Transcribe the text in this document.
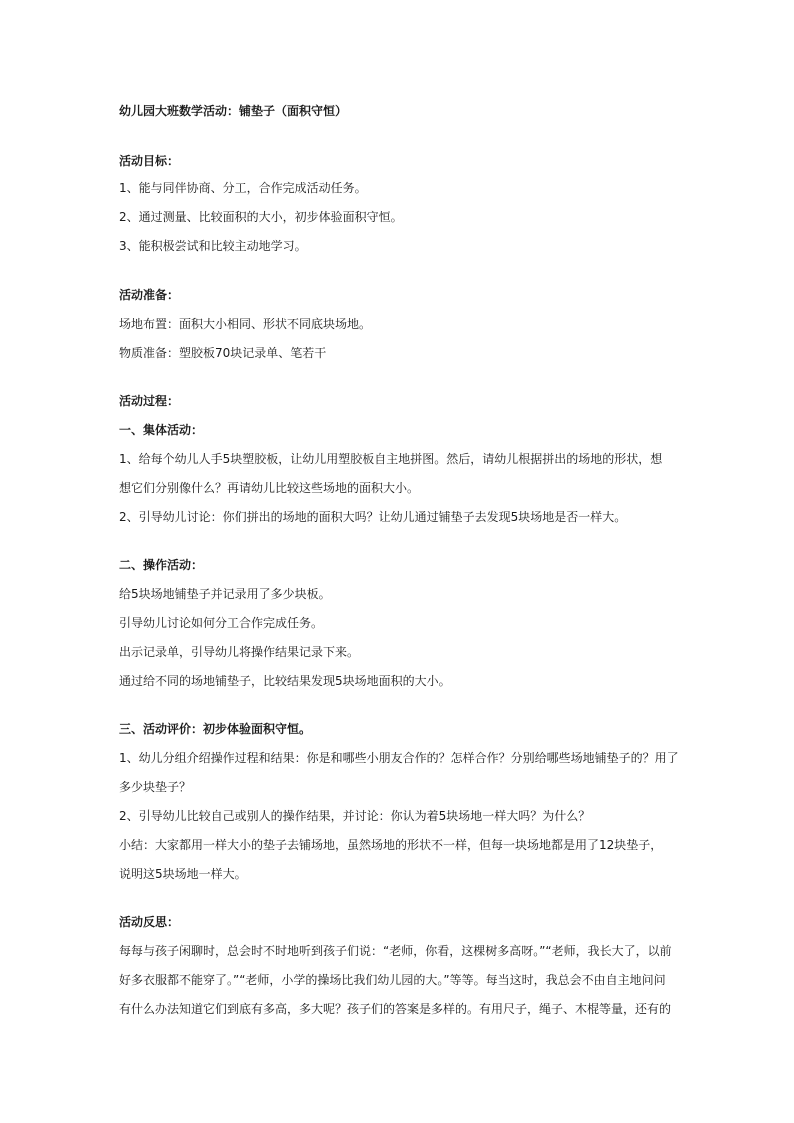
幼儿园大班数学活动：铺垫子（面积守恒）
活动目标：
1、能与同伴协商、分工，合作完成活动任务。
2、通过测量、比较面积的大小，初步体验面积守恒。
3、能积极尝试和比较主动地学习。
活动准备：
场地布置：面积大小相同、形状不同底块场地。
物质准备：塑胶板70块记录单、笔若干
活动过程：
一、集体活动：
1、给每个幼儿人手5块塑胶板，让幼儿用塑胶板自主地拼图。然后，请幼儿根据拼出的场地的形状，想
想它们分别像什么？再请幼儿比较这些场地的面积大小。
2、引导幼儿讨论：你们拼出的场地的面积大吗？让幼儿通过铺垫子去发现5块场地是否一样大。
二、操作活动：
给5块场地铺垫子并记录用了多少块板。
引导幼儿讨论如何分工合作完成任务。
出示记录单，引导幼儿将操作结果记录下来。
通过给不同的场地铺垫子，比较结果发现5块场地面积的大小。
三、活动评价：初步体验面积守恒。
1、幼儿分组介绍操作过程和结果：你是和哪些小朋友合作的？怎样合作？分别给哪些场地铺垫子的？用了
多少块垫子？
2、引导幼儿比较自己或别人的操作结果，并讨论：你认为着5块场地一样大吗？为什么？
小结：大家都用一样大小的垫子去铺场地，虽然场地的形状不一样，但每一块场地都是用了12块垫子，
说明这5块场地一样大。
活动反思：
每每与孩子闲聊时，总会时不时地听到孩子们说：“老师，你看，这棵树多高呀。”“老师，我长大了，以前
好多衣服都不能穿了。”“老师，小学的操场比我们幼儿园的大。”等等。每当这时，我总会不由自主地问问
有什么办法知道它们到底有多高，多大呢？孩子们的答案是多样的。有用尺子，绳子、木棍等量，还有的
